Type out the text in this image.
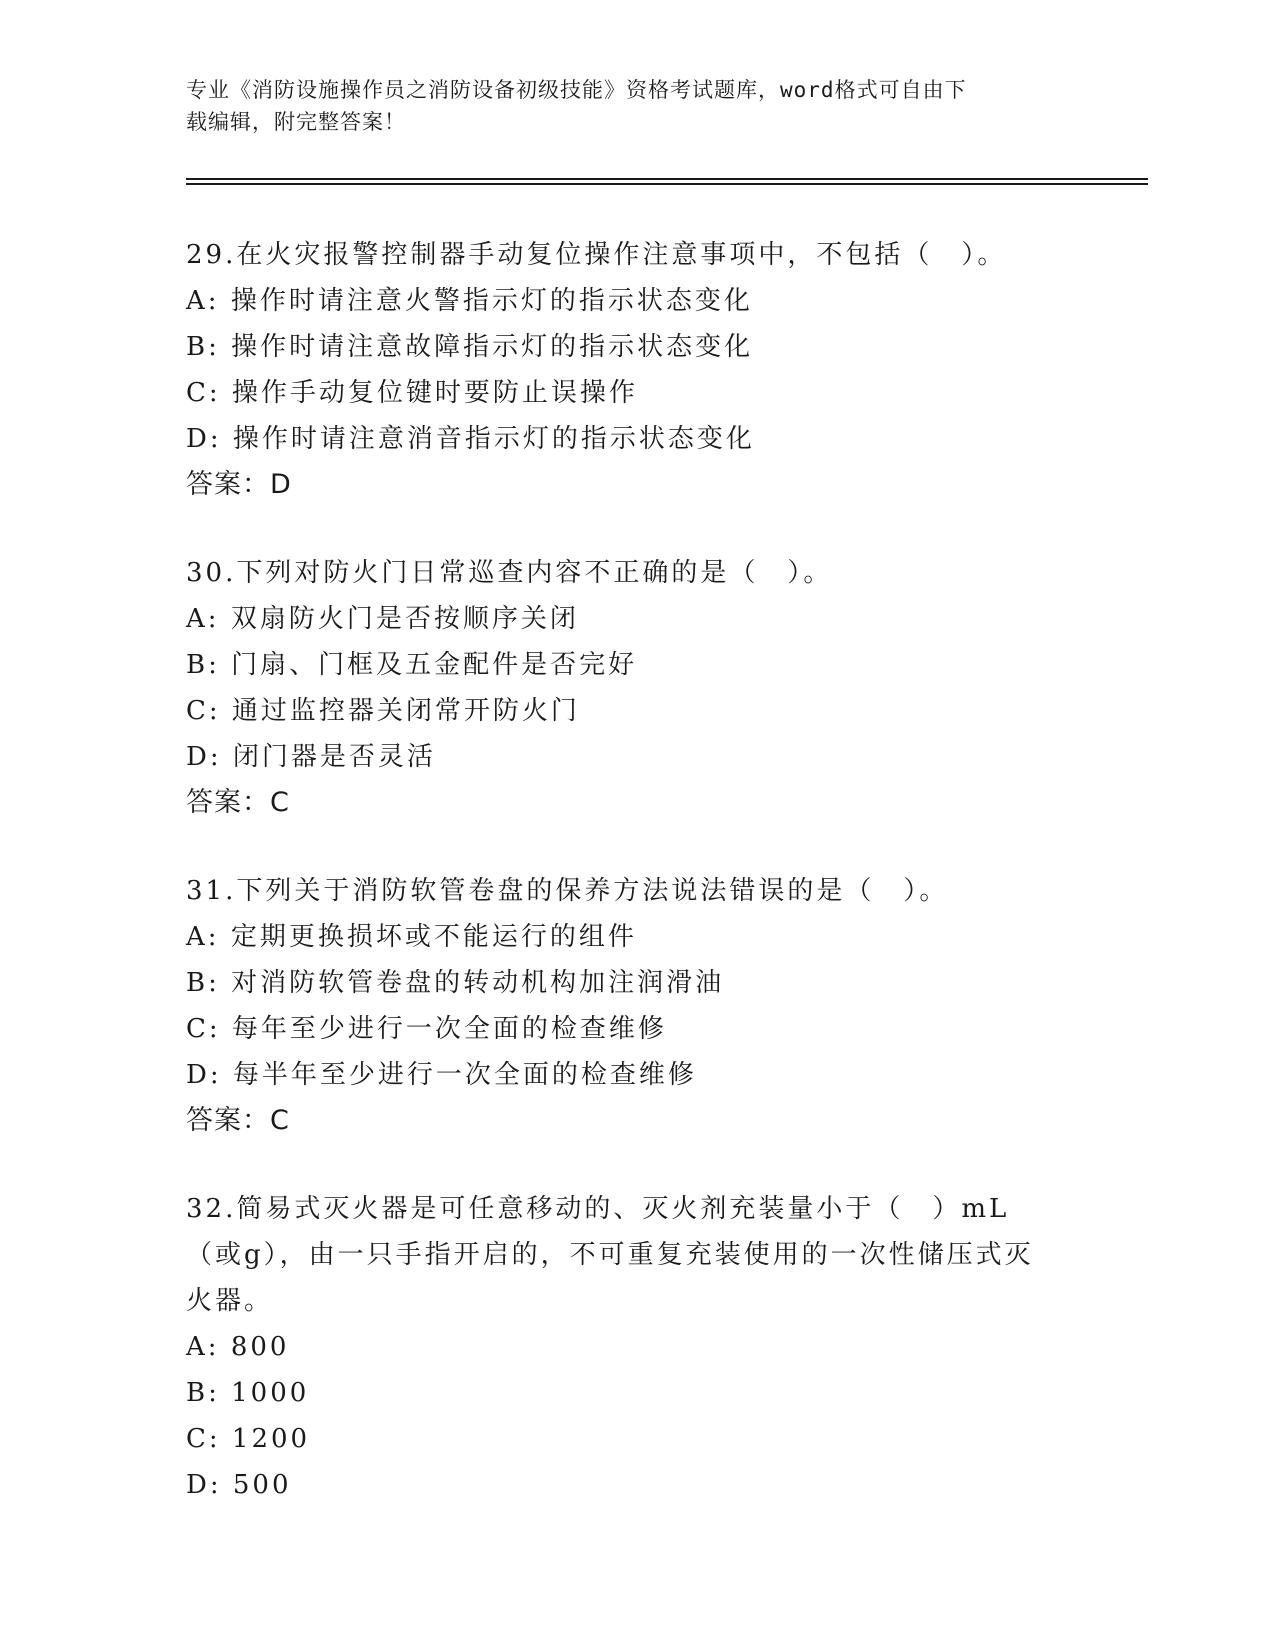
专业《消防设施操作员之消防设备初级技能》资格考试题库，word格式可自由下
载编辑，附完整答案！
29.在火灾报警控制器手动复位操作注意事项中，不包括（　）。
A: 操作时请注意火警指示灯的指示状态变化
B: 操作时请注意故障指示灯的指示状态变化
C: 操作手动复位键时要防止误操作
D: 操作时请注意消音指示灯的指示状态变化
答案：D
30.下列对防火门日常巡查内容不正确的是（　）。
A: 双扇防火门是否按顺序关闭
B: 门扇、门框及五金配件是否完好
C: 通过监控器关闭常开防火门
D: 闭门器是否灵活
答案：C
31.下列关于消防软管卷盘的保养方法说法错误的是（　）。
A: 定期更换损坏或不能运行的组件
B: 对消防软管卷盘的转动机构加注润滑油
C: 每年至少进行一次全面的检查维修
D: 每半年至少进行一次全面的检查维修
答案：C
32.简易式灭火器是可任意移动的、灭火剂充装量小于（　）mL（或g），由一只手指开启的，不可重复充装使用的一次性储压式灭火器。
A: 800
B: 1000
C: 1200
D: 500
